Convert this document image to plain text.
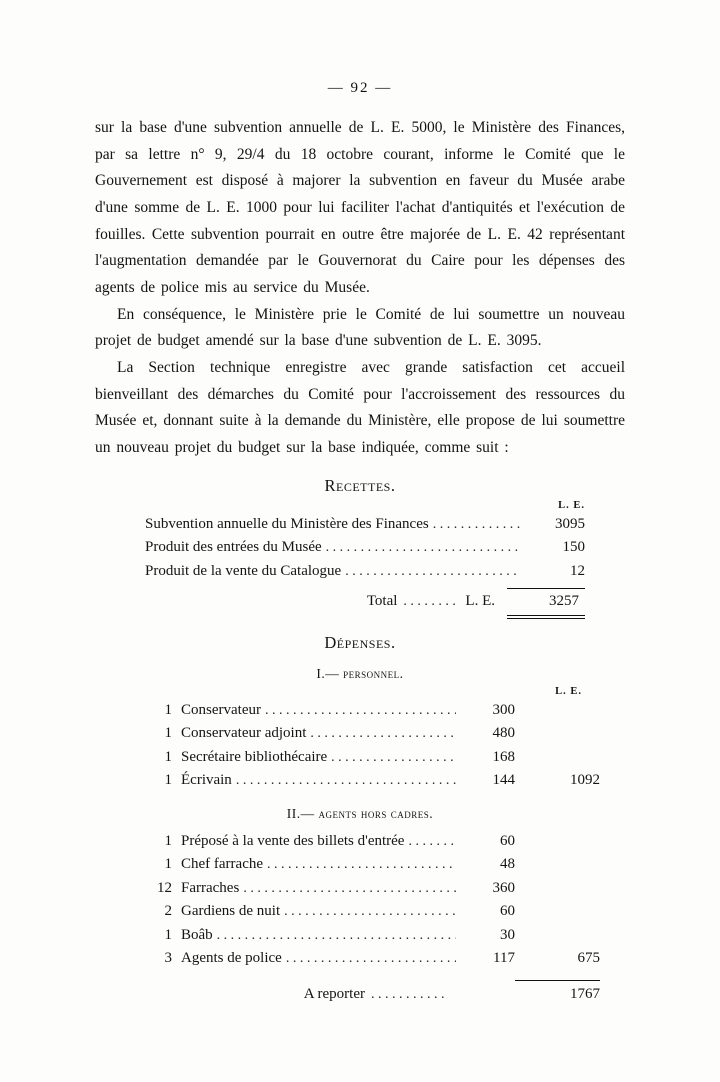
— 92 —

sur la base d'une subvention annuelle de L. E. 5000, le Ministère des Finances, par sa lettre n° 9, 29/4 du 18 octobre courant, informe le Comité que le Gouvernement est disposé à majorer la subvention en faveur du Musée arabe d'une somme de L. E. 1000 pour lui faciliter l'achat d'antiquités et l'exécution de fouilles. Cette subvention pourrait en outre être majorée de L. E. 42 représentant l'augmentation demandée par le Gouvernorat du Caire pour les dépenses des agents de police mis au service du Musée.

En conséquence, le Ministère prie le Comité de lui soumettre un nouveau projet de budget amendé sur la base d'une subvention de L. E. 3095.

La Section technique enregistre avec grande satisfaction cet accueil bienveillant des démarches du Comité pour l'accroissement des ressources du Musée et, donnant suite à la demande du Ministère, elle propose de lui soumettre un nouveau projet du budget sur la base indiquée, comme suit :

Recettes.
L. E.
Subvention annuelle du Ministère des Finances .....	3095
Produit des entrées du Musée .....	150
Produit de la vente du Catalogue .....	12
Total .....	L. E.	3257
Dépenses.
I.— personnel.
L. E.
1 Conservateur .....	300
1 Conservateur adjoint .....	480
1 Secrétaire bibliothécaire .....	168
1 Écrivain .....	144	1092
II.— agents hors cadres.
1 Préposé à la vente des billets d'entrée .....	60
1 Chef farrache .....	48
12 Farraches .....	360
2 Gardiens de nuit .....	60
1 Boâb .....	30
3 Agents de police .....	117	675
A reporter .....	1767
